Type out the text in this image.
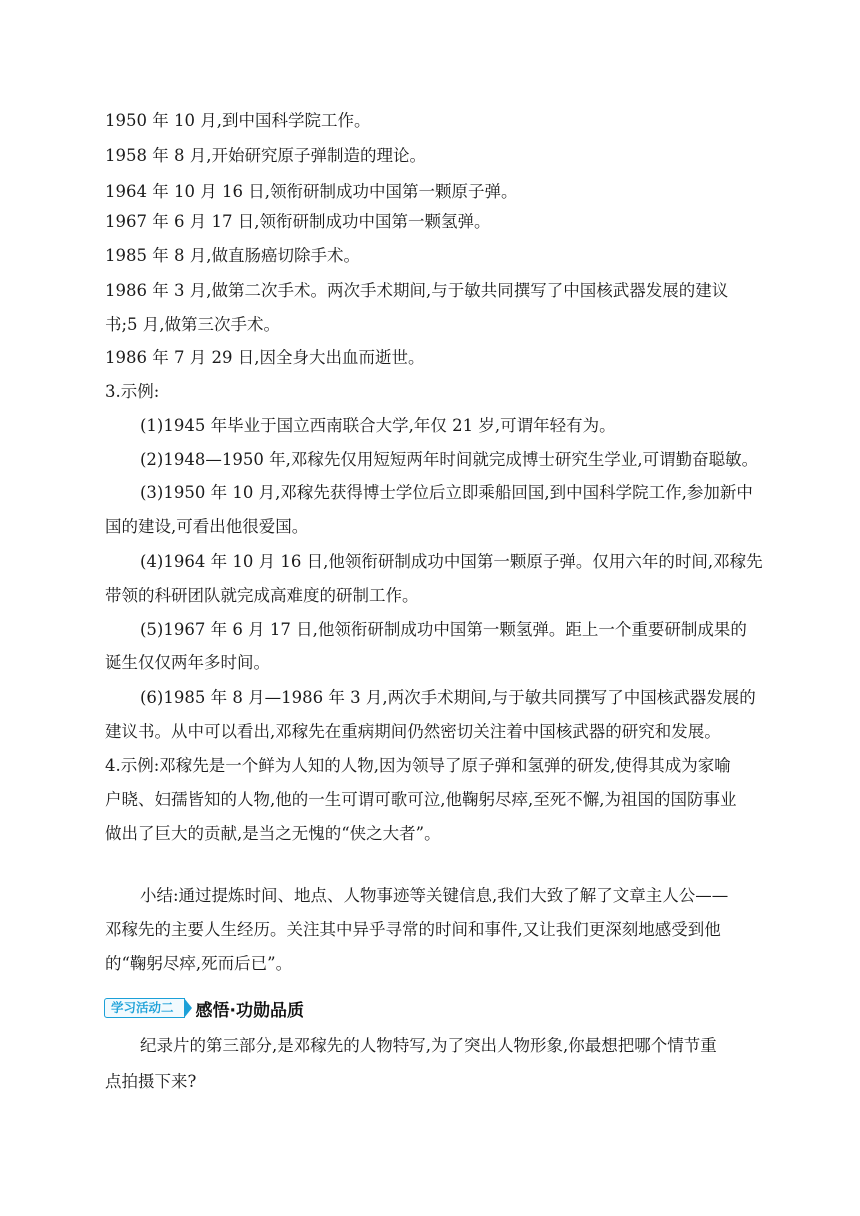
1950 年 10 月,到中国科学院工作。
1958 年 8 月,开始研究原子弹制造的理论。
1964 年 10 月 16 日,领衔研制成功中国第一颗原子弹。
1967 年 6 月 17 日,领衔研制成功中国第一颗氢弹。
1985 年 8 月,做直肠癌切除手术。
1986 年 3 月,做第二次手术。两次手术期间,与于敏共同撰写了中国核武器发展的建议
书;5 月,做第三次手术。
1986 年 7 月 29 日,因全身大出血而逝世。
3.示例:
(1)1945 年毕业于国立西南联合大学,年仅 21 岁,可谓年轻有为。
(2)1948—1950 年,邓稼先仅用短短两年时间就完成博士研究生学业,可谓勤奋聪敏。
(3)1950 年 10 月,邓稼先获得博士学位后立即乘船回国,到中国科学院工作,参加新中
国的建设,可看出他很爱国。
(4)1964 年 10 月 16 日,他领衔研制成功中国第一颗原子弹。仅用六年的时间,邓稼先
带领的科研团队就完成高难度的研制工作。
(5)1967 年 6 月 17 日,他领衔研制成功中国第一颗氢弹。距上一个重要研制成果的
诞生仅仅两年多时间。
(6)1985 年 8 月—1986 年 3 月,两次手术期间,与于敏共同撰写了中国核武器发展的
建议书。从中可以看出,邓稼先在重病期间仍然密切关注着中国核武器的研究和发展。
4.示例:邓稼先是一个鲜为人知的人物,因为领导了原子弹和氢弹的研发,使得其成为家喻
户晓、妇孺皆知的人物,他的一生可谓可歌可泣,他鞠躬尽瘁,至死不懈,为祖国的国防事业
做出了巨大的贡献,是当之无愧的“侠之大者”。
小结:通过提炼时间、地点、人物事迹等关键信息,我们大致了解了文章主人公——
邓稼先的主要人生经历。关注其中异乎寻常的时间和事件,又让我们更深刻地感受到他
的“鞠躬尽瘁,死而后已”。
学习活动二	感悟·功勋品质
纪录片的第三部分,是邓稼先的人物特写,为了突出人物形象,你最想把哪个情节重
点拍摄下来?
